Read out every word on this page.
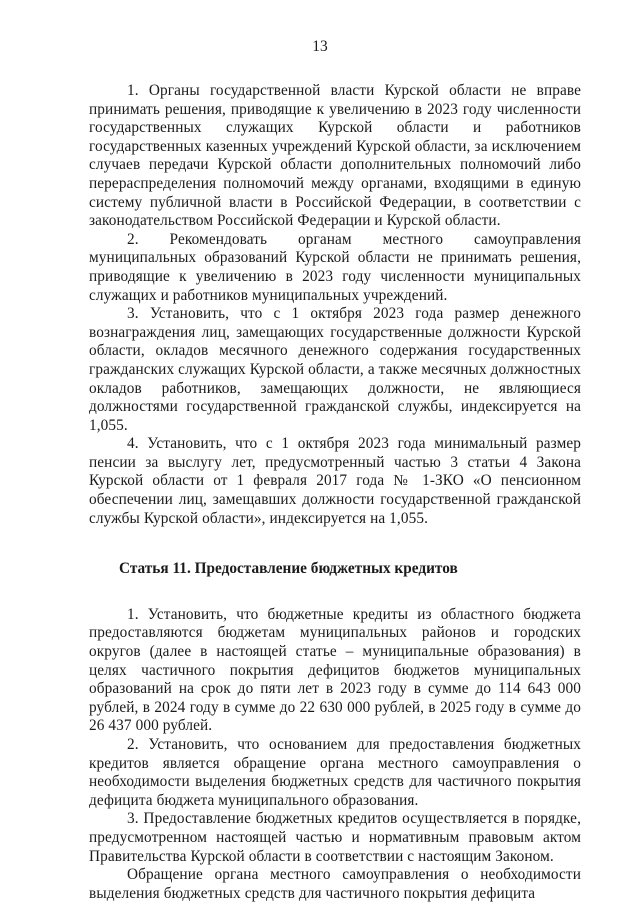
13

1. Органы государственной власти Курской области не вправе принимать решения, приводящие к увеличению в 2023 году численности государственных служащих Курской области и работников государственных казенных учреждений Курской области, за исключением случаев передачи Курской области дополнительных полномочий либо перераспределения полномочий между органами, входящими в единую систему публичной власти в Российской Федерации, в соответствии с законодательством Российской Федерации и Курской области.

2. Рекомендовать органам местного самоуправления муниципальных образований Курской области не принимать решения, приводящие к увеличению в 2023 году численности муниципальных служащих и работников муниципальных учреждений.

3. Установить, что с 1 октября 2023 года размер денежного вознаграждения лиц, замещающих государственные должности Курской области, окладов месячного денежного содержания государственных гражданских служащих Курской области, а также месячных должностных окладов работников, замещающих должности, не являющиеся должностями государственной гражданской службы, индексируется на 1,055.

4. Установить, что с 1 октября 2023 года минимальный размер пенсии за выслугу лет, предусмотренный частью 3 статьи 4 Закона Курской области от 1 февраля 2017 года № 1-ЗКО «О пенсионном обеспечении лиц, замещавших должности государственной гражданской службы Курской области», индексируется на 1,055.

Статья 11. Предоставление бюджетных кредитов

1. Установить, что бюджетные кредиты из областного бюджета предоставляются бюджетам муниципальных районов и городских округов (далее в настоящей статье – муниципальные образования) в целях частичного покрытия дефицитов бюджетов муниципальных образований на срок до пяти лет в 2023 году в сумме до 114 643 000 рублей, в 2024 году в сумме до 22 630 000 рублей, в 2025 году в сумме до 26 437 000 рублей.

2. Установить, что основанием для предоставления бюджетных кредитов является обращение органа местного самоуправления о необходимости выделения бюджетных средств для частичного покрытия дефицита бюджета муниципального образования.

3. Предоставление бюджетных кредитов осуществляется в порядке, предусмотренном настоящей частью и нормативным правовым актом Правительства Курской области в соответствии с настоящим Законом.

Обращение органа местного самоуправления о необходимости выделения бюджетных средств для частичного покрытия дефицита
